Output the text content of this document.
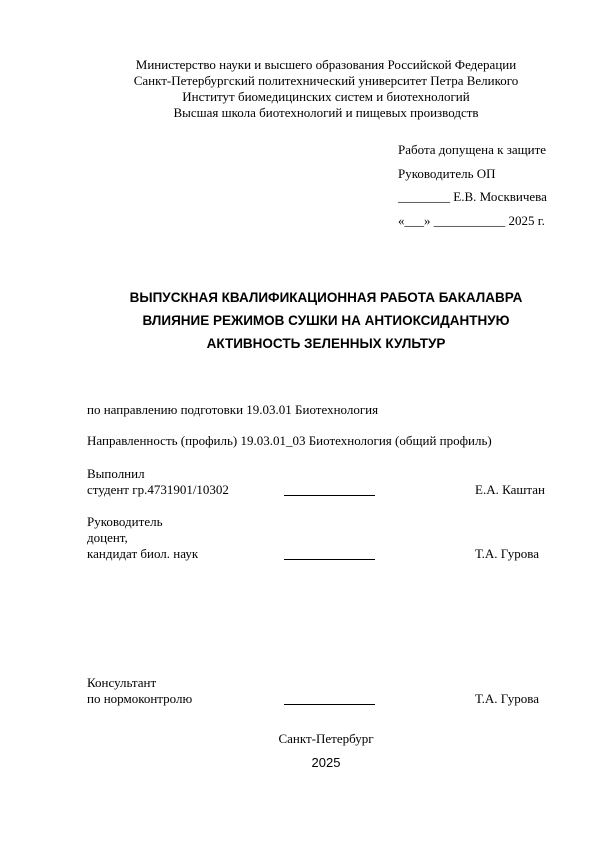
Министерство науки и высшего образования Российской Федерации
Санкт-Петербургский политехнический университет Петра Великого
Институт биомедицинских систем и биотехнологий
Высшая школа биотехнологий и пищевых производств
Работа допущена к защите
Руководитель ОП
________ Е.В. Москвичева
«___» ___________ 2025 г.
ВЫПУСКНАЯ КВАЛИФИКАЦИОННАЯ РАБОТА БАКАЛАВРА
ВЛИЯНИЕ РЕЖИМОВ СУШКИ НА АНТИОКСИДАНТНУЮ
АКТИВНОСТЬ ЗЕЛЕННЫХ КУЛЬТУР
по направлению подготовки 19.03.01 Биотехнология
Направленность (профиль) 19.03.01_03 Биотехнология (общий профиль)
Выполнил
студент гр.4731901/10302	Е.А. Каштан
Руководитель
доцент,
кандидат биол. наук	Т.А. Гурова
Консультант
по нормоконтролю	Т.А. Гурова
Санкт-Петербург
2025
